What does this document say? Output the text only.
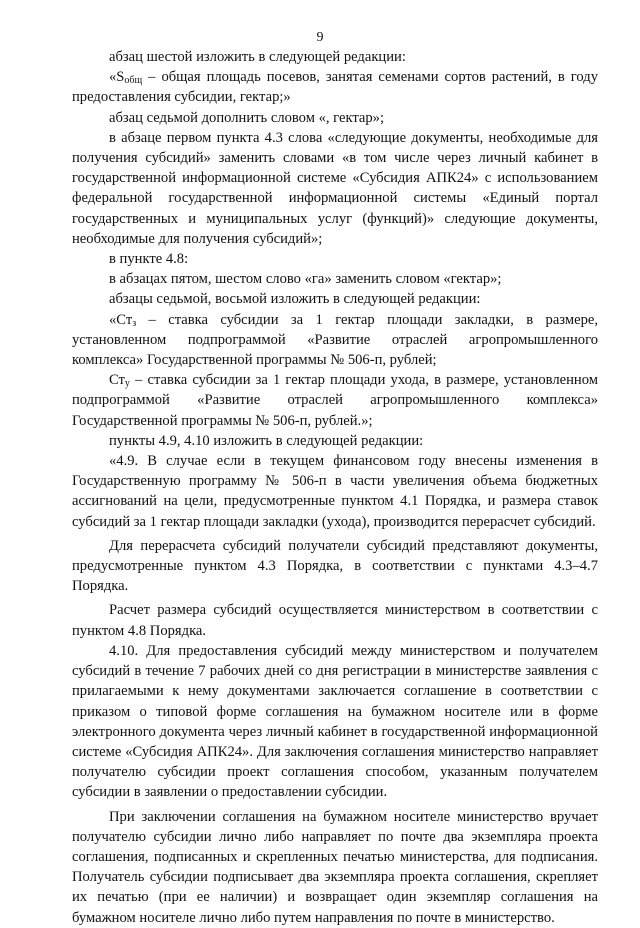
9

абзац шестой изложить в следующей редакции:

«$S_{общ}$ – общая площадь посевов, занятая семенами сортов растений, в году предоставления субсидии, гектар;»

абзац седьмой дополнить словом «, гектар»;

в абзаце первом пункта 4.3 слова «следующие документы, необходимые для получения субсидий» заменить словами «в том числе через личный кабинет в государственной информационной системе «Субсидия АПК24» с использованием федеральной государственной информационной системы «Единый портал государственных и муниципальных услуг (функций)» следующие документы, необходимые для получения субсидий»;

в пункте 4.8:

в абзацах пятом, шестом слово «га» заменить словом «гектар»;

абзацы седьмой, восьмой изложить в следующей редакции:

«$Ст_з$ – ставка субсидии за 1 гектар площади закладки, в размере, установленном подпрограммой «Развитие отраслей агропромышленного комплекса» Государственной программы № 506-п, рублей;

$Ст_у$ – ставка субсидии за 1 гектар площади ухода, в размере, установленном подпрограммой «Развитие отраслей агропромышленного комплекса» Государственной программы № 506-п, рублей.»;

пункты 4.9, 4.10 изложить в следующей редакции:

«4.9. В случае если в текущем финансовом году внесены изменения в Государственную программу № 506-п в части увеличения объема бюджетных ассигнований на цели, предусмотренные пунктом 4.1 Порядка, и размера ставок субсидий за 1 гектар площади закладки (ухода), производится перерасчет субсидий.

Для перерасчета субсидий получатели субсидий представляют документы, предусмотренные пунктом 4.3 Порядка, в соответствии с пунктами 4.3–4.7 Порядка.

Расчет размера субсидий осуществляется министерством в соответствии с пунктом 4.8 Порядка.

4.10. Для предоставления субсидий между министерством и получателем субсидий в течение 7 рабочих дней со дня регистрации в министерстве заявления с прилагаемыми к нему документами заключается соглашение в соответствии с приказом о типовой форме соглашения на бумажном носителе или в форме электронного документа через личный кабинет в государственной информационной системе «Субсидия АПК24». Для заключения соглашения министерство направляет получателю субсидии проект соглашения способом, указанным получателем субсидии в заявлении о предоставлении субсидии.

При заключении соглашения на бумажном носителе министерство вручает получателю субсидии лично либо направляет по почте два экземпляра проекта соглашения, подписанных и скрепленных печатью министерства, для подписания. Получатель субсидии подписывает два экземпляра проекта соглашения, скрепляет их печатью (при ее наличии) и возвращает один экземпляр соглашения на бумажном носителе лично либо путем направления по почте в министерство.
